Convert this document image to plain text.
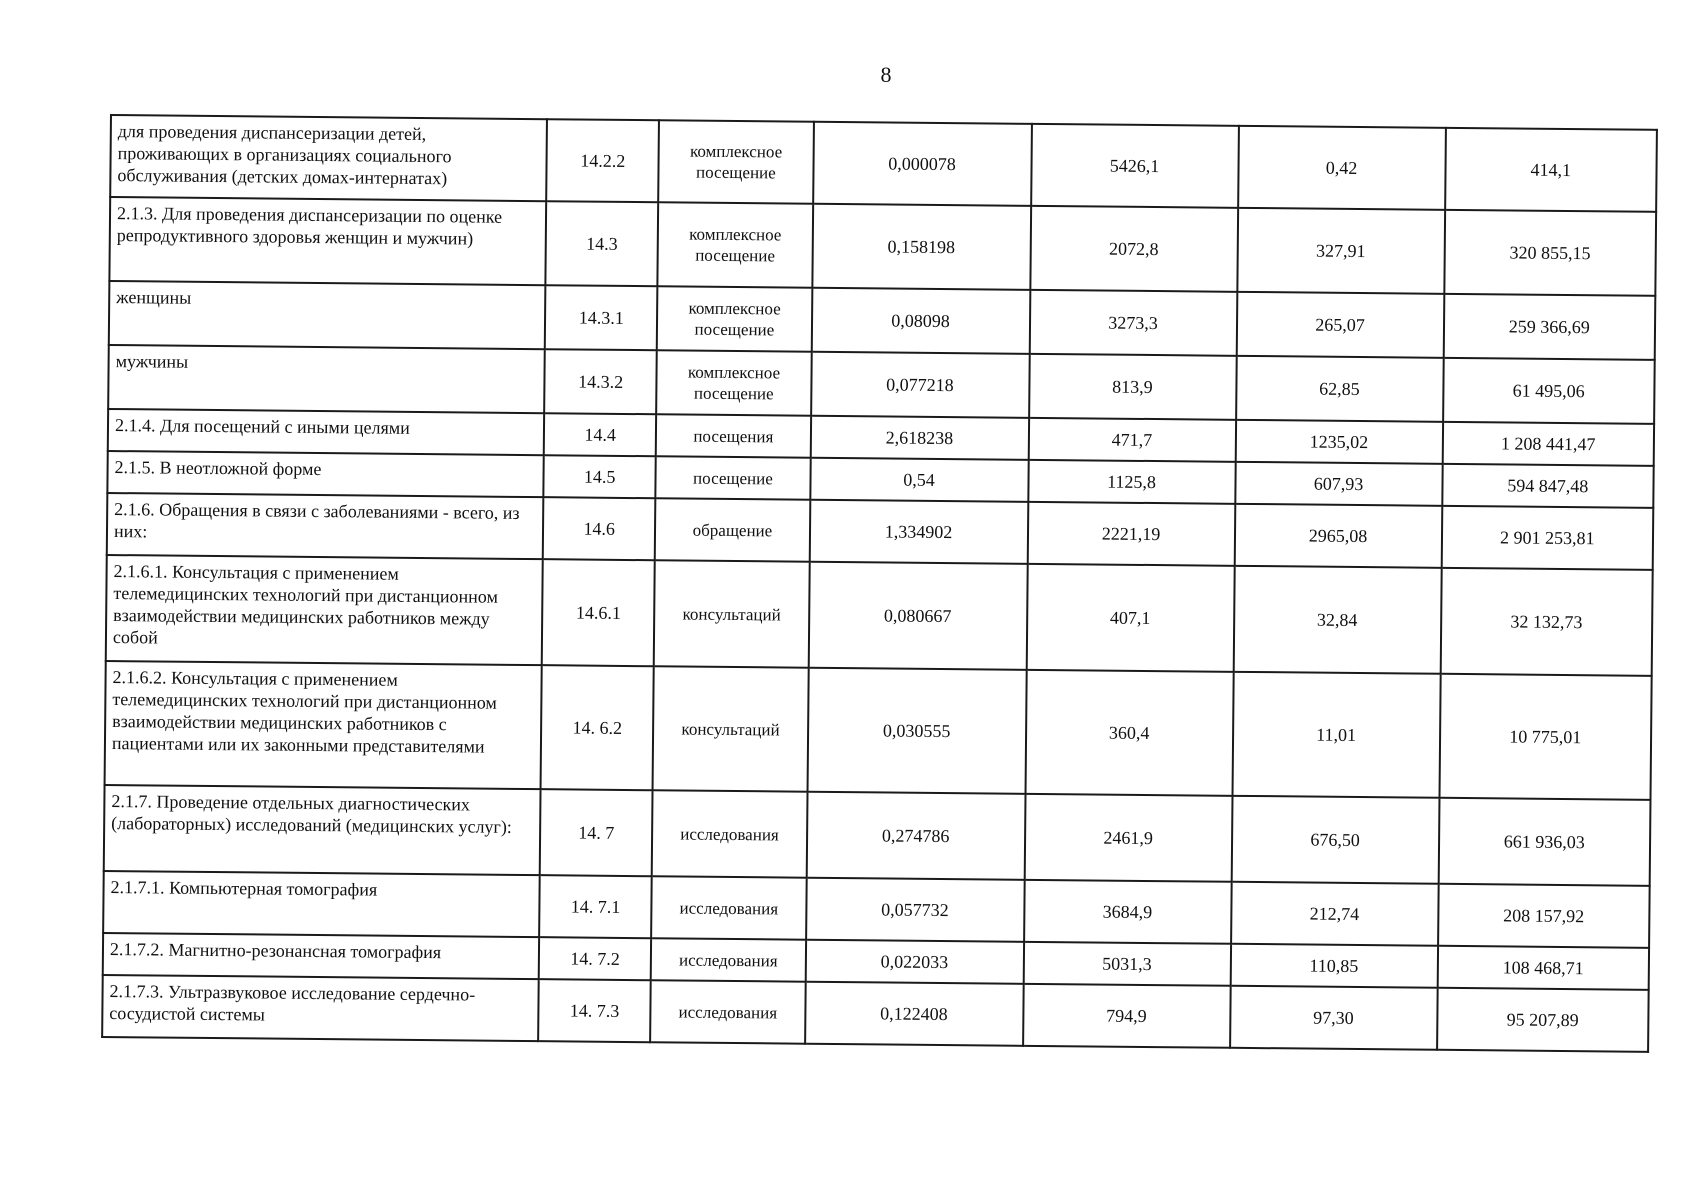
8
для проведения диспансеризации детей, проживающих в организациях социального обслуживания (детских домах-интернатах)	14.2.2	комплексное посещение	0,000078	5426,1	0,42	414,1
2.1.3. Для проведения диспансеризации по оценке репродуктивного здоровья женщин и мужчин)	14.3	комплексное посещение	0,158198	2072,8	327,91	320 855,15
женщины	14.3.1	комплексное посещение	0,08098	3273,3	265,07	259 366,69
мужчины	14.3.2	комплексное посещение	0,077218	813,9	62,85	61 495,06
2.1.4. Для посещений с иными целями	14.4	посещения	2,618238	471,7	1235,02	1 208 441,47
2.1.5. В неотложной форме	14.5	посещение	0,54	1125,8	607,93	594 847,48
2.1.6. Обращения в связи с заболеваниями - всего, из них:	14.6	обращение	1,334902	2221,19	2965,08	2 901 253,81
2.1.6.1. Консультация с применением телемедицинских технологий при дистанционном взаимодействии медицинских работников между собой	14.6.1	консультаций	0,080667	407,1	32,84	32 132,73
2.1.6.2. Консультация с применением телемедицинских технологий при дистанционном взаимодействии медицинских работников с пациентами или их законными представителями	14. 6.2	консультаций	0,030555	360,4	11,01	10 775,01
2.1.7. Проведение отдельных диагностических (лабораторных) исследований (медицинских услуг):	14. 7	исследования	0,274786	2461,9	676,50	661 936,03
2.1.7.1. Компьютерная томография	14. 7.1	исследования	0,057732	3684,9	212,74	208 157,92
2.1.7.2. Магнитно-резонансная томография	14. 7.2	исследования	0,022033	5031,3	110,85	108 468,71
2.1.7.3. Ультразвуковое исследование сердечно-сосудистой системы	14. 7.3	исследования	0,122408	794,9	97,30	95 207,89
